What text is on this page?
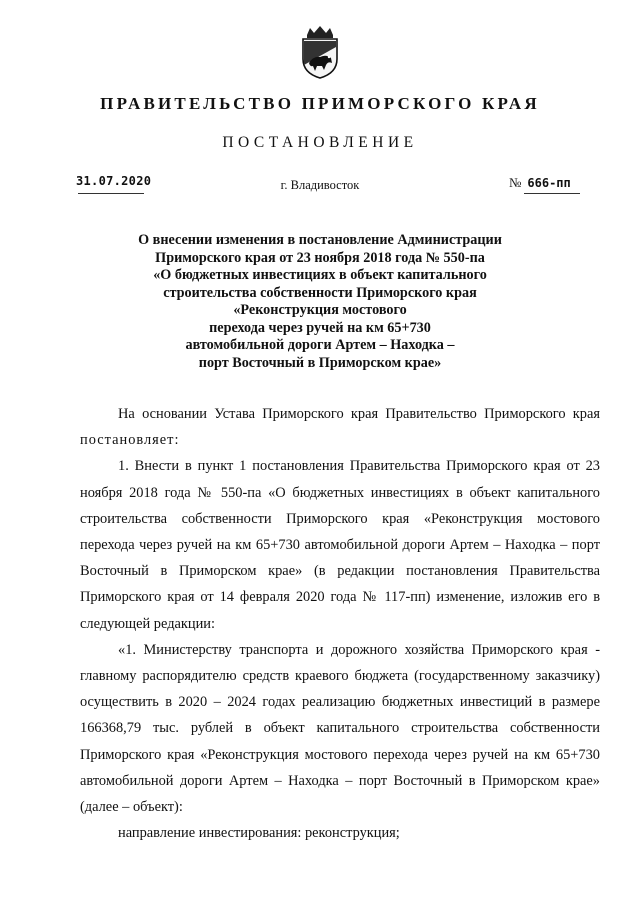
ПРАВИТЕЛЬСТВО ПРИМОРСКОГО КРАЯ
ПОСТАНОВЛЕНИЕ
31.07.2020	г. Владивосток	№ 666-пп
О внесении изменения в постановление Администрации
Приморского края от 23 ноября 2018 года № 550-па
«О бюджетных инвестициях в объект капитального
строительства собственности Приморского края
«Реконструкция мостового
перехода через ручей на км 65+730
автомобильной дороги Артем – Находка –
порт Восточный в Приморском крае»

На основании Устава Приморского края Правительство Приморского края постановляет:

1. Внести в пункт 1 постановления Правительства Приморского края от 23 ноября 2018 года № 550-па «О бюджетных инвестициях в объект капитального строительства собственности Приморского края «Реконструкция мостового перехода через ручей на км 65+730 автомобильной дороги Артем – Находка – порт Восточный в Приморском крае» (в редакции постановления Правительства Приморского края от 14 февраля 2020 года № 117-пп) изменение, изложив его в следующей редакции:

«1. Министерству транспорта и дорожного хозяйства Приморского края - главному распорядителю средств краевого бюджета (государственному заказчику) осуществить в 2020 – 2024 годах реализацию бюджетных инвестиций в размере 166368,79 тыс. рублей в объект капитального строительства собственности Приморского края «Реконструкция мостового перехода через ручей на км 65+730 автомобильной дороги Артем – Находка – порт Восточный в Приморском крае» (далее – объект):

направление инвестирования: реконструкция;
